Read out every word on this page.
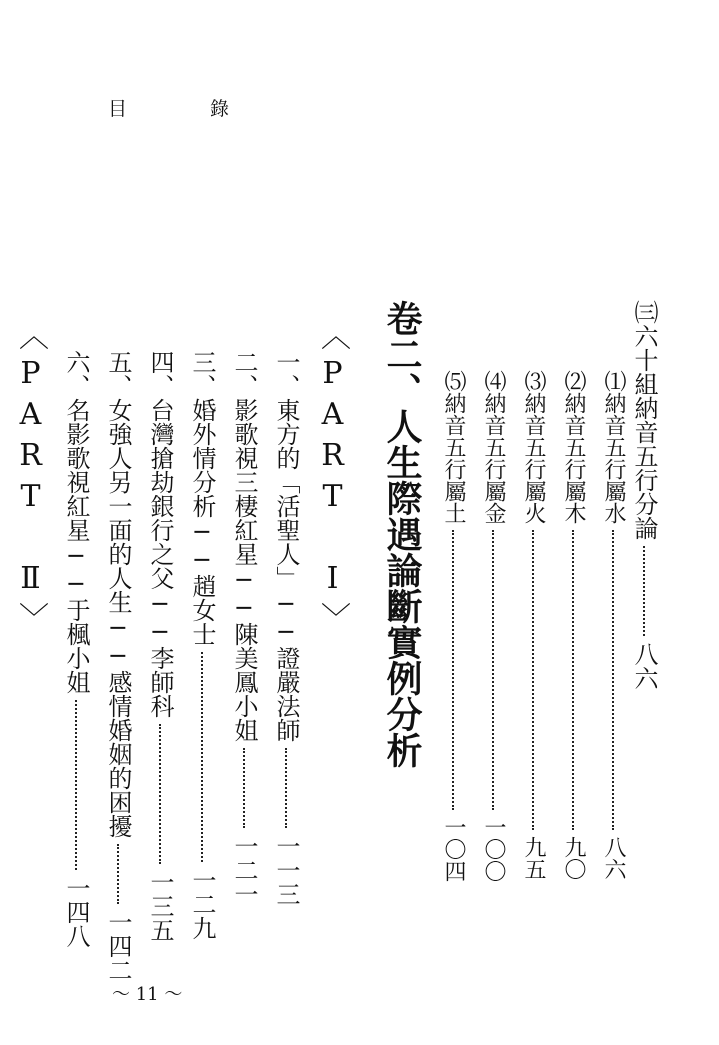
目　錄
㈢六十組納音五行分論八六
⑴納音五行屬水八六
⑵納音五行屬木九〇
⑶納音五行屬火九五
⑷納音五行屬金一〇〇
⑸納音五行屬土一〇四
卷二、人生際遇論斷實例分析
〈PART Ⅰ〉
一、東方的「活聖人」──證嚴法師一一三
二、影歌視三棲紅星──陳美鳳小姐一二一
三、婚外情分析──趙女士一二九
四、台灣搶劫銀行之父──李師科一三五
五、女強人另一面的人生──感情婚姻的困擾一四二
六、名影歌視紅星──于楓小姐一四八
〈PART Ⅱ〉
～ 11 ～
